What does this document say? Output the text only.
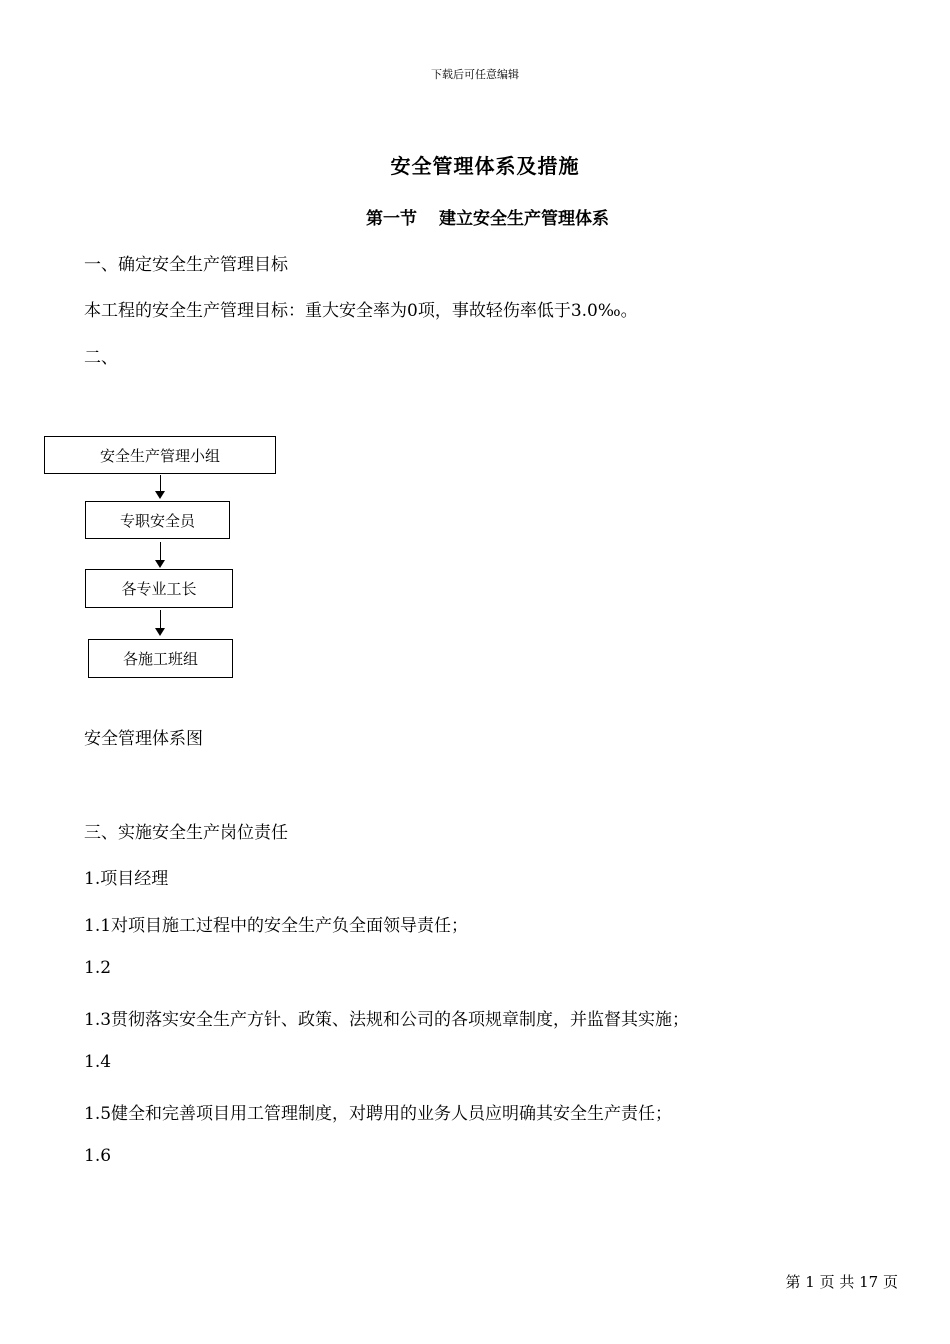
下载后可任意编辑
安全管理体系及措施
第一节 建立安全生产管理体系
一、确定安全生产管理目标
本工程的安全生产管理目标：重大安全率为0项，事故轻伤率低于3.0‰。
二、
安全生产管理小组
专职安全员
各专业工长
各施工班组
安全管理体系图
三、实施安全生产岗位责任
1.项目经理
1.1对项目施工过程中的安全生产负全面领导责任；
1.2
1.3贯彻落实安全生产方针、政策、法规和公司的各项规章制度，并监督其实施；
1.4
1.5健全和完善项目用工管理制度，对聘用的业务人员应明确其安全生产责任；
1.6
第 1 页 共 17 页
